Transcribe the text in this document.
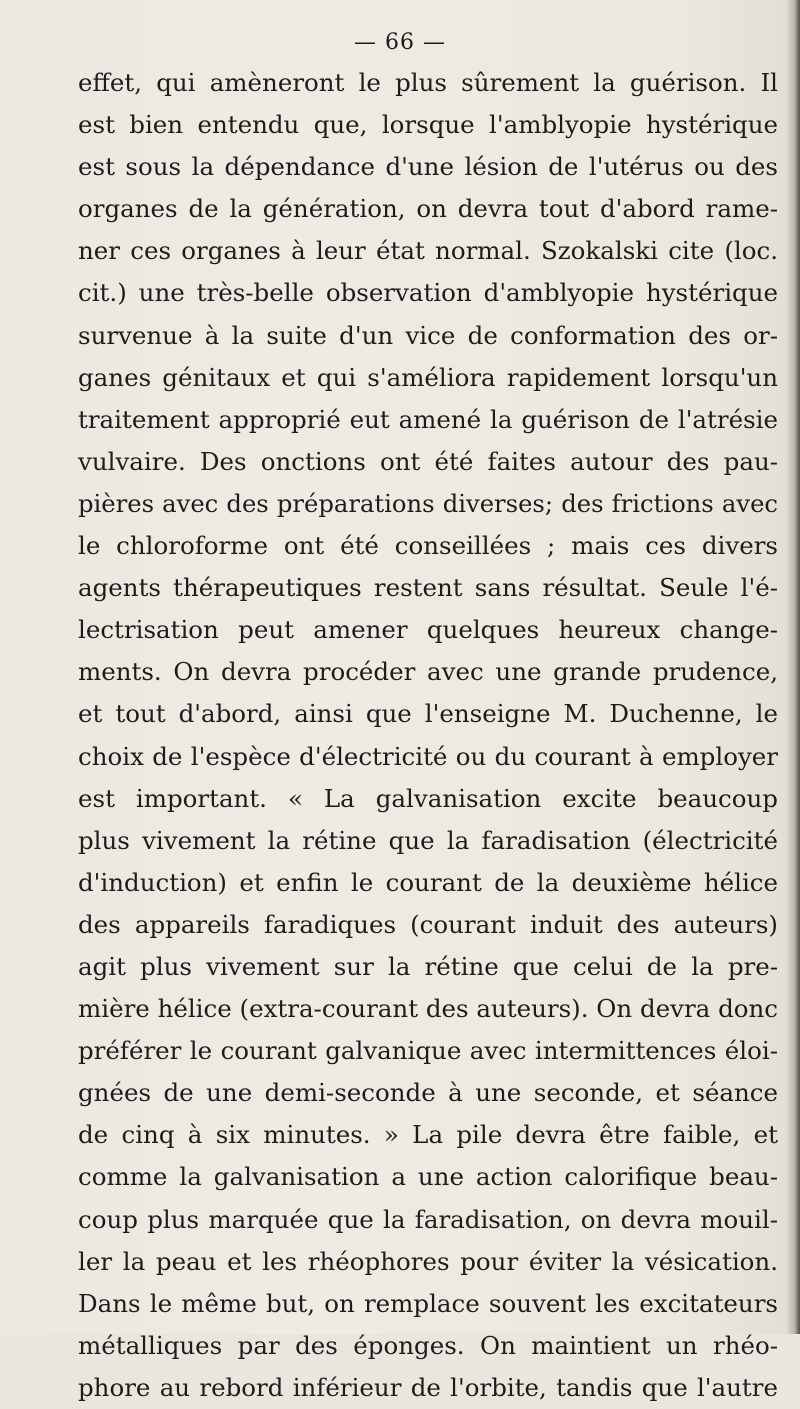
— 66 —
effet, qui amèneront le plus sûrement la guérison. Il
est bien entendu que, lorsque l'amblyopie hystérique
est sous la dépendance d'une lésion de l'utérus ou des
organes de la génération, on devra tout d'abord rame-
ner ces organes à leur état normal. Szokalski cite (loc.
cit.) une très-belle observation d'amblyopie hystérique
survenue à la suite d'un vice de conformation des or-
ganes génitaux et qui s'améliora rapidement lorsqu'un
traitement approprié eut amené la guérison de l'atrésie
vulvaire. Des onctions ont été faites autour des pau-
pières avec des préparations diverses; des frictions avec
le chloroforme ont été conseillées ; mais ces divers
agents thérapeutiques restent sans résultat. Seule l'é-
lectrisation peut amener quelques heureux change-
ments. On devra procéder avec une grande prudence,
et tout d'abord, ainsi que l'enseigne M. Duchenne, le
choix de l'espèce d'électricité ou du courant à employer
est important. « La galvanisation excite beaucoup
plus vivement la rétine que la faradisation (électricité
d'induction) et enfin le courant de la deuxième hélice
des appareils faradiques (courant induit des auteurs)
agit plus vivement sur la rétine que celui de la pre-
mière hélice (extra-courant des auteurs). On devra donc
préférer le courant galvanique avec intermittences éloi-
gnées de une demi-seconde à une seconde, et séance
de cinq à six minutes. » La pile devra être faible, et
comme la galvanisation a une action calorifique beau-
coup plus marquée que la faradisation, on devra mouil-
ler la peau et les rhéophores pour éviter la vésication.
Dans le même but, on remplace souvent les excitateurs
métalliques par des éponges. On maintient un rhéo-
phore au rebord inférieur de l'orbite, tandis que l'autre
